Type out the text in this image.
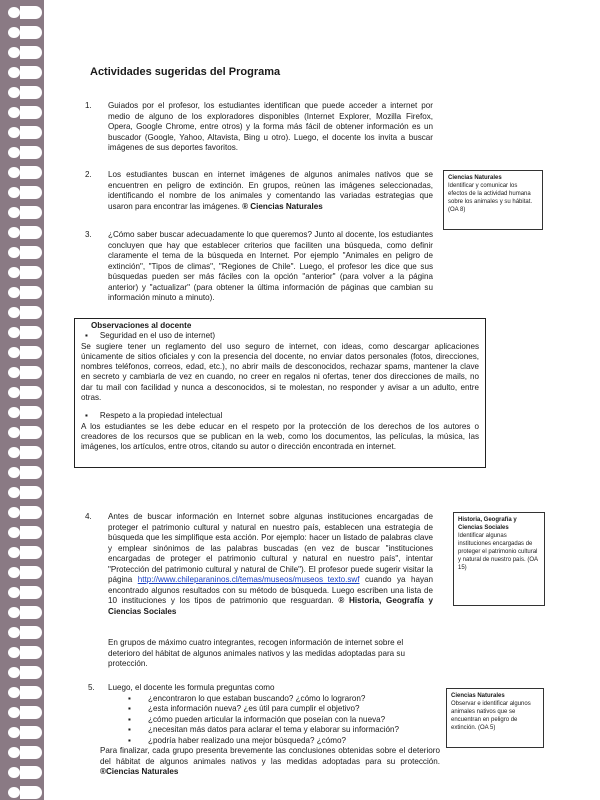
Actividades sugeridas del Programa
1.	Guiados por el profesor, los estudiantes identifican que puede acceder a internet por medio de alguno de los exploradores disponibles (Internet Explorer, Mozilla Firefox, Opera, Google Chrome, entre otros) y la forma más fácil de obtener información es un buscador (Google, Yahoo, Altavista, Bing u otro). Luego, el docente los invita a buscar imágenes de sus deportes favoritos.
2.	Los estudiantes buscan en internet imágenes de algunos animales nativos que se encuentren en peligro de extinción. En grupos, reúnen las imágenes seleccionadas, identificando el nombre de los animales y comentando las variadas estrategias que usaron para encontrar las imágenes. ® Ciencias Naturales
3.	¿Cómo saber buscar adecuadamente lo que queremos? Junto al docente, los estudiantes concluyen que hay que establecer criterios que faciliten una búsqueda, como definir claramente el tema de la búsqueda en Internet. Por ejemplo "Animales en peligro de extinción", "Tipos de climas", "Regiones de Chile". Luego, el profesor les dice que sus búsquedas pueden ser más fáciles con la opción "anterior" (para volver a la página anterior) y "actualizar" (para obtener la última información de páginas que cambian su información minuto a minuto).
Observaciones al docente
▪ Seguridad en el uso de internet)
Se sugiere tener un reglamento del uso seguro de internet, con ideas, como descargar aplicaciones únicamente de sitios oficiales y con la presencia del docente, no enviar datos personales (fotos, direcciones, nombres teléfonos, correos, edad, etc.), no abrir mails de desconocidos, rechazar spams, mantener la clave en secreto y cambiarla de vez en cuando, no creer en regalos ni ofertas, tener dos direcciones de mails, no dar tu mail con facilidad y nunca a desconocidos, si te molestan, no responder y avisar a un adulto, entre otras.
▪ Respeto a la propiedad intelectual
A los estudiantes se les debe educar en el respeto por la protección de los derechos de los autores o creadores de los recursos que se publican en la web, como los documentos, las películas, la música, las imágenes, los artículos, entre otros, citando su autor o dirección encontrada en internet.
4.	Antes de buscar información en Internet sobre algunas instituciones encargadas de proteger el patrimonio cultural y natural en nuestro país, establecen una estrategia de búsqueda que les simplifique esta acción. Por ejemplo: hacer un listado de palabras clave y emplear sinónimos de las palabras buscadas (en vez de buscar "instituciones encargadas de proteger el patrimonio cultural y natural en nuestro país", intentar "Protección del patrimonio cultural y natural de Chile"). El profesor puede sugerir visitar la página http://www.chileparaninos.cl/temas/museos/museos_texto.swf cuando ya hayan encontrado algunos resultados con su método de búsqueda. Luego escriben una lista de 10 instituciones y los tipos de patrimonio que resguardan. ® Historia, Geografía y Ciencias Sociales
En grupos de máximo cuatro integrantes, recogen información de internet sobre el deterioro del hábitat de algunos animales nativos y las medidas adoptadas para su protección.
5.	Luego, el docente les formula preguntas como
▪ ¿encontraron lo que estaban buscando? ¿cómo lo lograron?
▪ ¿esta información nueva? ¿es útil para cumplir el objetivo?
▪ ¿cómo pueden articular la información que poseían con la nueva?
▪ ¿necesitan más datos para aclarar el tema y elaborar su información?
▪ ¿podría haber realizado una mejor búsqueda? ¿cómo?
Para finalizar, cada grupo presenta brevemente las conclusiones obtenidas sobre el deterioro del hábitat de algunos animales nativos y las medidas adoptadas para su protección. ®Ciencias Naturales
Ciencias Naturales
Identificar y comunicar los efectos de la actividad humana sobre los animales y su hábitat. (OA 8)
Historia, Geografía y Ciencias Sociales
Identificar algunas instituciones encargadas de proteger el patrimonio cultural y natural de nuestro país. (OA 15)
Ciencias Naturales
Observar e identificar algunos animales nativos que se encuentran en peligro de extinción. (OA 5)
